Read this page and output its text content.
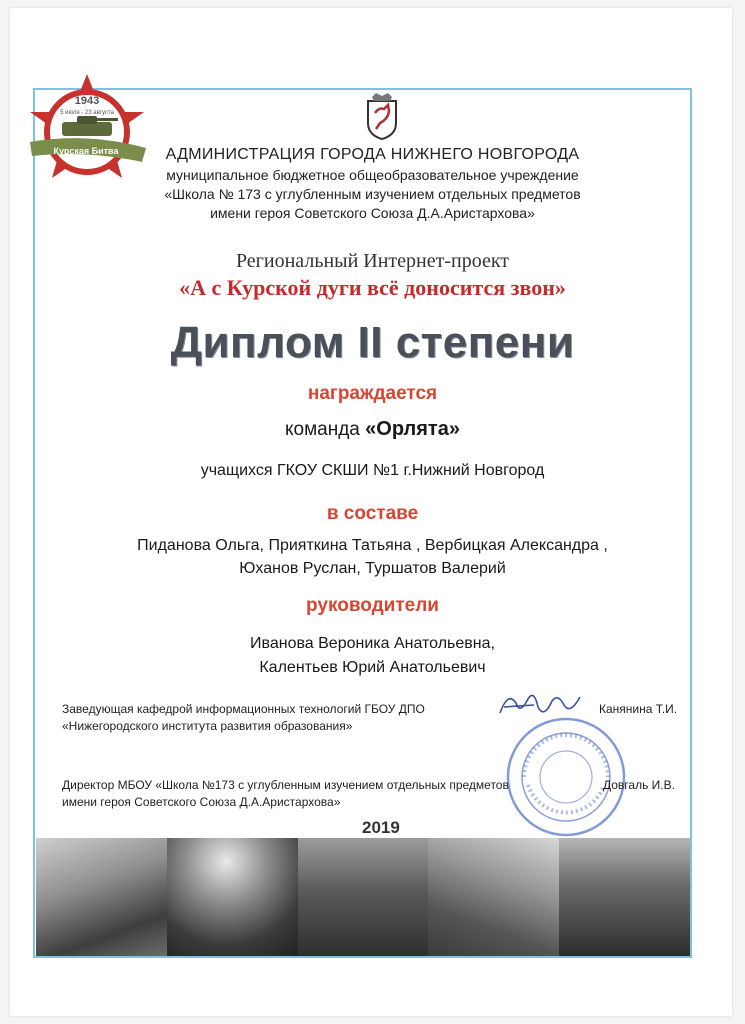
1943
5 июля - 23 августа
Курская Битва	АДМИНИСТРАЦИЯ ГОРОДА НИЖНЕГО НОВГОРОДА
муниципальное бюджетное общеобразовательное учреждение
«Школа № 173 с углубленным изучением отдельных предметов
имени героя Советского Союза Д.А.Аристархова»
Региональный Интернет-проект
«А с Курской дуги всё доносится звон»
Диплом II степени
награждается
команда «Орлята»
учащихся ГКОУ СКШИ №1 г.Нижний Новгород
в составе
Пиданова Ольга, Прияткина Татьяна , Вербицкая Александра ,
Юханов Руслан, Туршатов Валерий
руководители
Иванова Вероника Анатольевна,
Калентьев Юрий Анатольевич
Заведующая кафедрой информационных технологий ГБОУ ДПО
«Нижегородского института развития образования»
Канянина Т.И.
Директор МБОУ «Школа №173 с углубленным изучением отдельных предметов
имени героя Советского Союза Д.А.Аристархова»
Довгаль И.В.
2019
